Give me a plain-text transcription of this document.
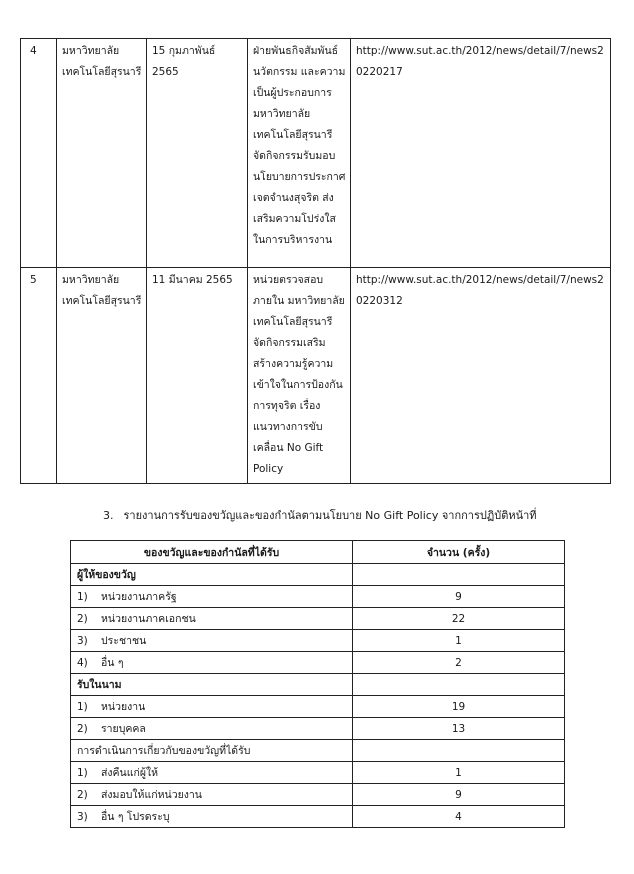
4	มหาวิทยาลัยเทคโนโลยีสุรนารี	15 กุมภาพันธ์ 2565	ฝ่ายพันธกิจสัมพันธ์ นวัตกรรม และความเป็นผู้ประกอบการ มหาวิทยาลัยเทคโนโลยีสุรนารี จัดกิจกรรมรับมอบนโยบายการประกาศเจตจำนงสุจริต ส่งเสริมความโปร่งใสในการบริหารงาน	http://www.sut.ac.th/2012/news/detail/7/news20220217
5	มหาวิทยาลัยเทคโนโลยีสุรนารี	11 มีนาคม 2565	หน่วยตรวจสอบภายใน มหาวิทยาลัยเทคโนโลยีสุรนารี จัดกิจกรรมเสริมสร้างความรู้ความเข้าใจในการป้องกันการทุจริต เรื่อง แนวทางการขับเคลื่อน No Gift Policy	http://www.sut.ac.th/2012/news/detail/7/news20220312
3. รายงานการรับของขวัญและของกำนัลตามนโยบาย No Gift Policy จากการปฏิบัติหน้าที่
ของขวัญและของกำนัลที่ได้รับ	จำนวน (ครั้ง)
ผู้ให้ของขวัญ	
1) หน่วยงานภาครัฐ	9
2) หน่วยงานภาคเอกชน	22
3) ประชาชน	1
4) อื่น ๆ	2
รับในนาม	
1) หน่วยงาน	19
2) รายบุคคล	13
การดำเนินการเกี่ยวกับของขวัญที่ได้รับ	
1) ส่งคืนแก่ผู้ให้	1
2) ส่งมอบให้แก่หน่วยงาน	9
3) อื่น ๆ โปรดระบุ	4
